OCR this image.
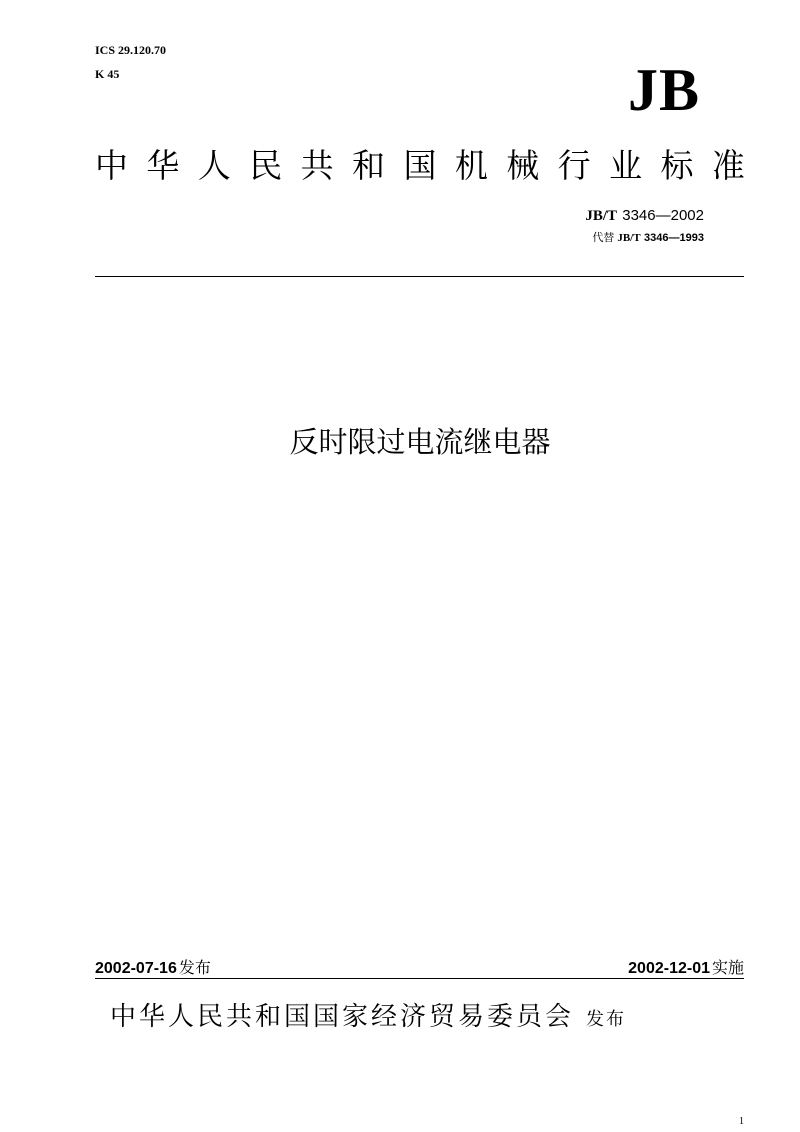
ICS 29.120.70
K 45	JB
中 华 人 民 共 和 国 机 械 行 业 标 准
JB/T 3346—2002
代替 JB/T 3346—1993
反时限过电流继电器
2002-07-16 发布	2002-12-01 实施
中华人民共和国国家经济贸易委员会 发布
1
